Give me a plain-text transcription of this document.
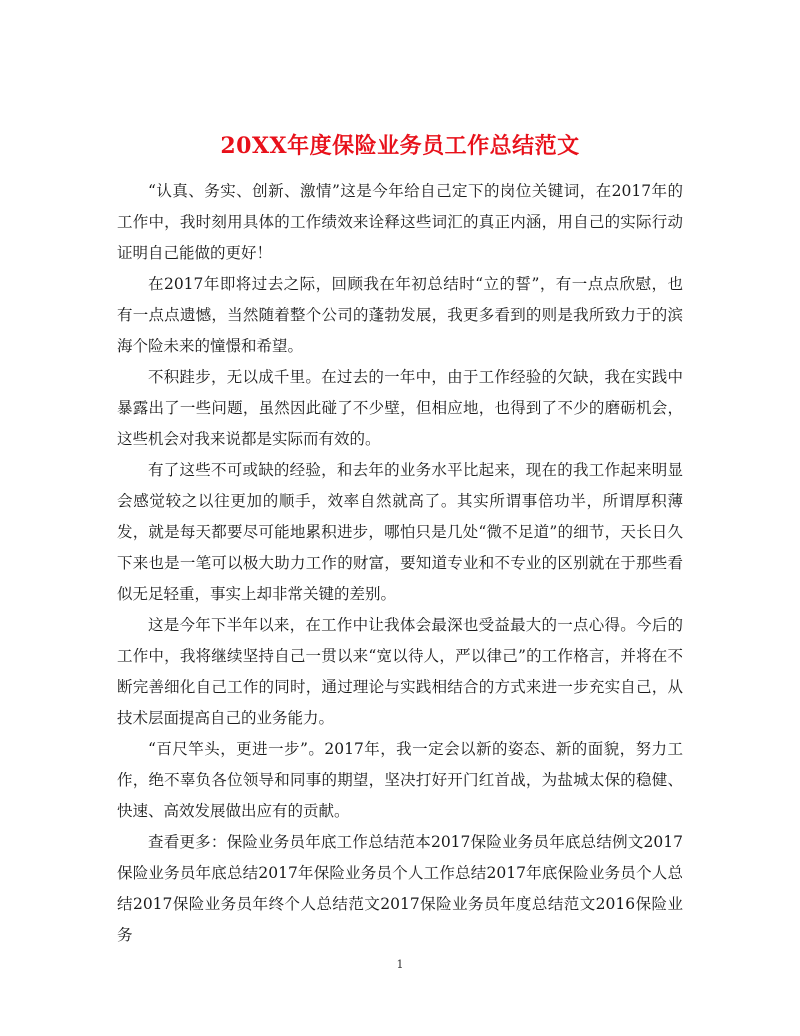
20XX年度保险业务员工作总结范文

“认真、务实、创新、激情”这是今年给自己定下的岗位关键词，在2017年的工作中，我时刻用具体的工作绩效来诠释这些词汇的真正内涵，用自己的实际行动证明自己能做的更好！

在2017年即将过去之际，回顾我在年初总结时“立的誓”，有一点点欣慰，也有一点点遗憾，当然随着整个公司的蓬勃发展，我更多看到的则是我所致力于的滨海个险未来的憧憬和希望。

不积跬步，无以成千里。在过去的一年中，由于工作经验的欠缺，我在实践中暴露出了一些问题，虽然因此碰了不少壁，但相应地，也得到了不少的磨砺机会，这些机会对我来说都是实际而有效的。

有了这些不可或缺的经验，和去年的业务水平比起来，现在的我工作起来明显会感觉较之以往更加的顺手，效率自然就高了。其实所谓事倍功半，所谓厚积薄发，就是每天都要尽可能地累积进步，哪怕只是几处“微不足道”的细节，天长日久下来也是一笔可以极大助力工作的财富，要知道专业和不专业的区别就在于那些看似无足轻重，事实上却非常关键的差别。

这是今年下半年以来，在工作中让我体会最深也受益最大的一点心得。今后的工作中，我将继续坚持自己一贯以来“宽以待人，严以律己”的工作格言，并将在不断完善细化自己工作的同时，通过理论与实践相结合的方式来进一步充实自己，从技术层面提高自己的业务能力。

“百尺竿头，更进一步”。2017年，我一定会以新的姿态、新的面貌，努力工作，绝不辜负各位领导和同事的期望，坚决打好开门红首战，为盐城太保的稳健、快速、高效发展做出应有的贡献。

查看更多：保险业务员年底工作总结范本2017保险业务员年底总结例文2017保险业务员年底总结2017年保险业务员个人工作总结2017年底保险业务员个人总结2017保险业务员年终个人总结范文2017保险业务员年度总结范文2016保险业务

1
